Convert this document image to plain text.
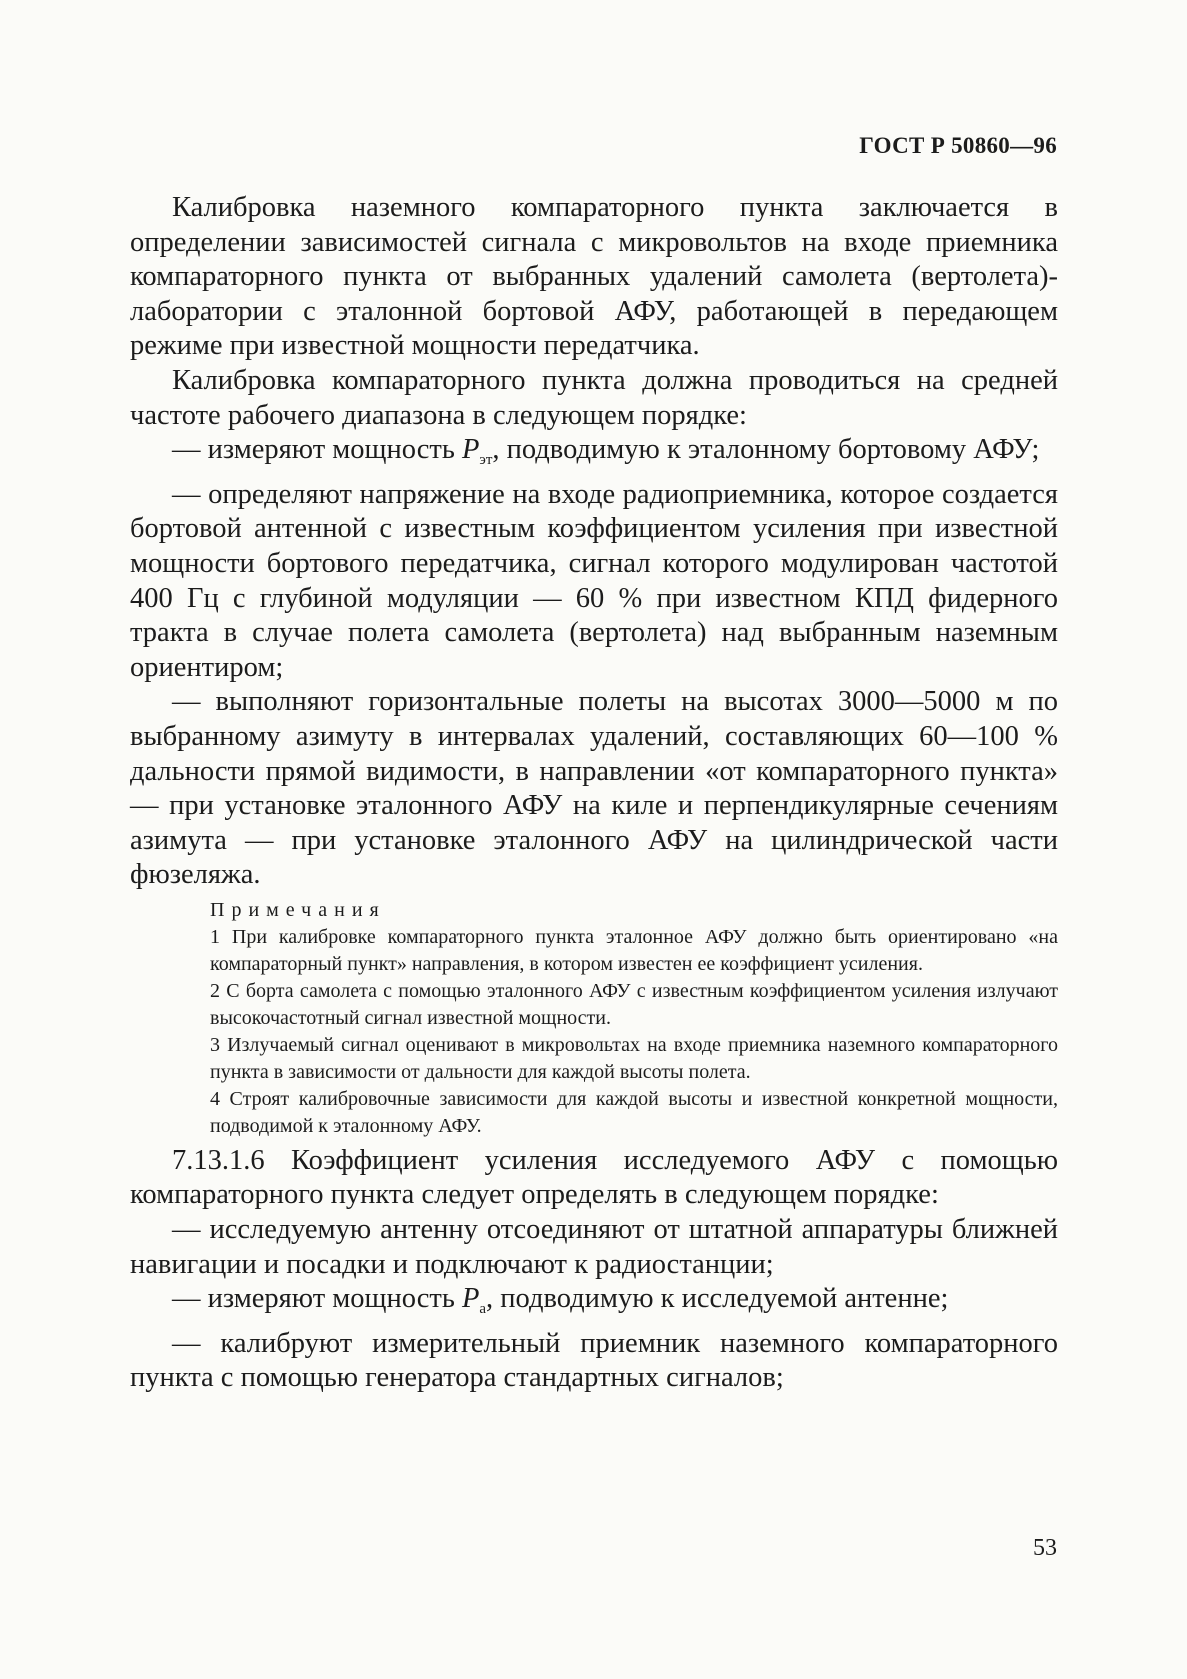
ГОСТ Р 50860—96

Калибровка наземного компараторного пункта заключается в определении зависимостей сигнала с микровольтов на входе приемника компараторного пункта от выбранных удалений самолета (вертолета)-лаборатории с эталонной бортовой АФУ, работающей в передающем режиме при известной мощности передатчика.

Калибровка компараторного пункта должна проводиться на средней частоте рабочего диапазона в следующем порядке:

— измеряют мощность $P_{эт}$, подводимую к эталонному бортовому АФУ;

— определяют напряжение на входе радиоприемника, которое создается бортовой антенной с известным коэффициентом усиления при известной мощности бортового передатчика, сигнал которого модулирован частотой 400 Гц с глубиной модуляции — 60 % при известном КПД фидерного тракта в случае полета самолета (вертолета) над выбранным наземным ориентиром;

— выполняют горизонтальные полеты на высотах 3000—5000 м по выбранному азимуту в интервалах удалений, составляющих 60—100 % дальности прямой видимости, в направлении «от компараторного пункта» — при установке эталонного АФУ на киле и перпендикулярные сечениям азимута — при установке эталонного АФУ на цилиндрической части фюзеляжа.

Примечания

1 При калибровке компараторного пункта эталонное АФУ должно быть ориентировано «на компараторный пункт» направления, в котором известен ее коэффициент усиления.

2 С борта самолета с помощью эталонного АФУ с известным коэффициентом усиления излучают высокочастотный сигнал известной мощности.

3 Излучаемый сигнал оценивают в микровольтах на входе приемника наземного компараторного пункта в зависимости от дальности для каждой высоты полета.

4 Строят калибровочные зависимости для каждой высоты и известной конкретной мощности, подводимой к эталонному АФУ.

7.13.1.6 Коэффициент усиления исследуемого АФУ с помощью компараторного пункта следует определять в следующем порядке:

— исследуемую антенну отсоединяют от штатной аппаратуры ближней навигации и посадки и подключают к радиостанции;

— измеряют мощность $P_а$, подводимую к исследуемой антенне;

— калибруют измерительный приемник наземного компараторного пункта с помощью генератора стандартных сигналов;

53
